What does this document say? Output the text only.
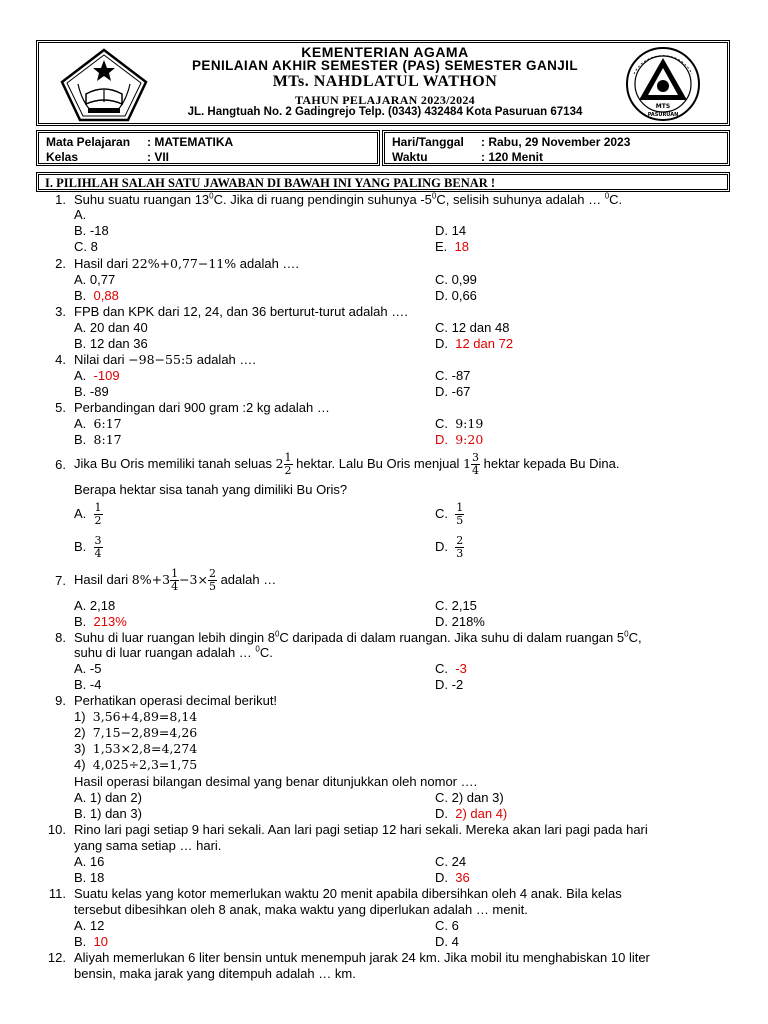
MTS
PASURUAN
KEMENTERIAN AGAMA
PENILAIAN AKHIR SEMESTER (PAS) SEMESTER GANJIL
MTs. NAHDLATUL WATHON
TAHUN PELAJARAN 2023/2024
JL. Hangtuah No. 2 Gadingrejo Telp. (0343) 432484 Kota Pasuruan 67134
Mata Pelajaran : MATEMATIKA
Kelas	: VII
Hari/Tanggal : Rabu, 29 November 2023
Waktu	: 120 Menit
I. PILIHLAH SALAH SATU JAWABAN DI BAWAH INI YANG PALING BENAR !
1. Suhu suatu ruangan $13^0C$. Jika di ruang pendingin suhunya $-5^0C$, selisih suhunya adalah … $^0$C.
A.
B. -18	D. 14
C. 8	E. 18
2. Hasil dari 22%+0,77−11% adalah ….
A. 0,77	C. 0,99
B. 0,88	D. 0,66
3. FPB dan KPK dari 12, 24, dan 36 berturut-turut adalah ….
A. 20 dan 40	C. 12 dan 48
B. 12 dan 36	D. 12 dan 72
4. Nilai dari −98−55:5 adalah ….
A. -109	C. -87
B. -89	D. -67
5. Perbandingan dari 900 gram :2 kg adalah …
A. 6:17	C. 9:19
B. 8:17	D. 9:20
6. Jika Bu Oris memiliki tanah seluas $2 \frac{1}{2}$ hektar. Lalu Bu Oris menjual $1 \frac{3}{4}$ hektar kepada Bu Dina.
Berapa hektar sisa tanah yang dimiliki Bu Oris?
A. $\frac{1}{2}$	C. $\frac{1}{5}$
B. $\frac{3}{4}$	D. $\frac{2}{3}$
7. Hasil dari $8\%+3 \frac{1}{4} -3\times \frac{2}{5}$ adalah …
A. 2,18	C. 2,15
B. 213%	D. 218%
8. Suhu di luar ruangan lebih dingin $8^0C$ daripada di dalam ruangan. Jika suhu di dalam ruangan $5^0C$,
suhu di luar ruangan adalah … $^0$C.
A. -5	C. -3
B. -4	D. -2
9. Perhatikan operasi decimal berikut!
1) 3,56+4,89=8,14
2) 7,15−2,89=4,26
3) 1,53×2,8=4,274
4) 4,025÷2,3=1,75
Hasil operasi bilangan desimal yang benar ditunjukkan oleh nomor ….
A. 1) dan 2)	C. 2) dan 3)
B. 1) dan 3)	D. 2) dan 4)
10. Rino lari pagi setiap 9 hari sekali. Aan lari pagi setiap 12 hari sekali. Mereka akan lari pagi pada hari
yang sama setiap … hari.
A. 16	C. 24
B. 18	D. 36
11. Suatu kelas yang kotor memerlukan waktu 20 menit apabila dibersihkan oleh 4 anak. Bila kelas
tersebut dibesihkan oleh 8 anak, maka waktu yang diperlukan adalah … menit.
A. 12	C. 6
B. 10	D. 4
12. Aliyah memerlukan 6 liter bensin untuk menempuh jarak 24 km. Jika mobil itu menghabiskan 10 liter
bensin, maka jarak yang ditempuh adalah … km.
